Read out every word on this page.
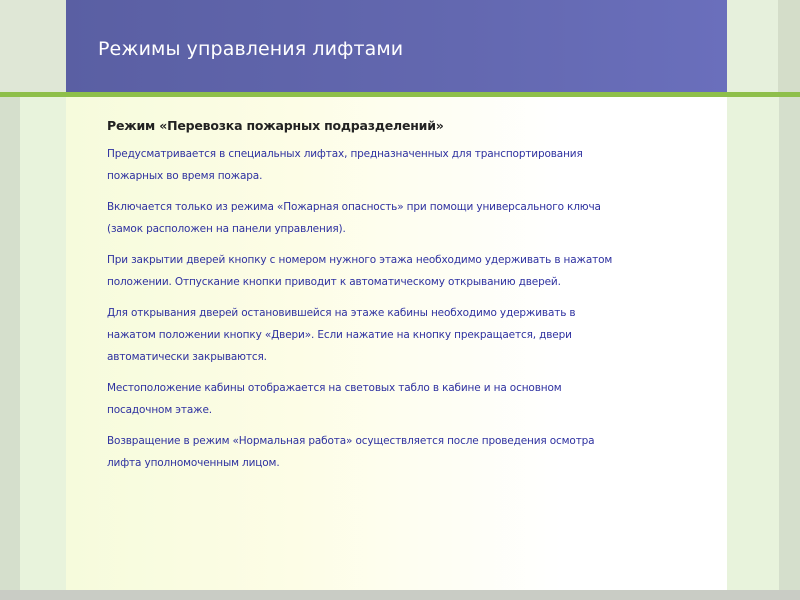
Режимы управления лифтами
Режим «Перевозка пожарных подразделений»

Предусматривается в специальных лифтах, предназначенных для транспортирования пожарных во время пожара.

Включается только из режима «Пожарная опасность» при помощи универсального ключа (замок расположен на панели управления).

При закрытии дверей кнопку с номером нужного этажа необходимо удерживать в нажатом положении. Отпускание кнопки приводит к автоматическому открыванию дверей.

Для открывания дверей остановившейся на этаже кабины необходимо удерживать в нажатом положении кнопку «Двери». Если нажатие на кнопку прекращается, двери автоматически закрываются.

Местоположение кабины отображается на световых табло в кабине и на основном посадочном этаже.

Возвращение в режим «Нормальная работа» осуществляется после проведения осмотра лифта уполномоченным лицом.
